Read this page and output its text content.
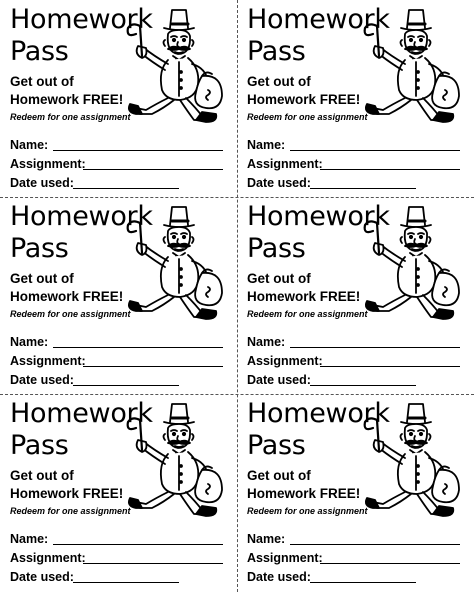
Homework Pass

Get out of Homework FREE!

Redeem for one assignment

Name:
Assignment:
Date used:
Homework Pass

Get out of Homework FREE!

Redeem for one assignment

Name:
Assignment:
Date used:
Homework Pass

Get out of Homework FREE!

Redeem for one assignment

Name:
Assignment:
Date used:
Homework Pass

Get out of Homework FREE!

Redeem for one assignment

Name:
Assignment:
Date used:
Homework Pass

Get out of Homework FREE!

Redeem for one assignment

Name:
Assignment:
Date used:
Homework Pass

Get out of Homework FREE!

Redeem for one assignment

Name:
Assignment:
Date used:
